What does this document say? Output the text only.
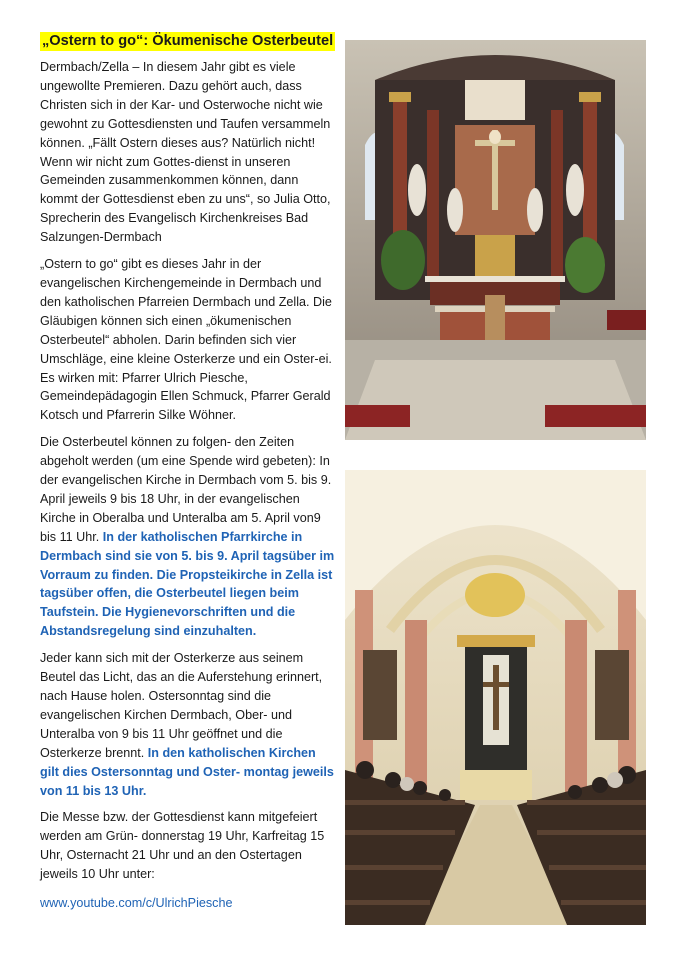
„Ostern to go“: Ökumenische Osterbeutel

Dermbach/Zella – In diesem Jahr gibt es viele ungewollte Premieren. Dazu gehört auch, dass Christen sich in der Kar- und Osterwoche nicht wie gewohnt zu Gottesdiensten und Taufen versammeln können. „Fällt Ostern dieses aus? Natürlich nicht! Wenn wir nicht zum Gottes-dienst in unseren Gemeinden zusammenkommen können, dann kommt der Gottesdienst eben zu uns“, so Julia Otto, Sprecherin des Evangelisch Kirchenkreises Bad Salzungen-Dermbach

„Ostern to go“ gibt es dieses Jahr in der evangelischen Kirchengemeinde in Dermbach und den katholischen Pfarreien Dermbach und Zella. Die Gläubigen können sich einen „ökumenischen Osterbeutel“ abholen. Darin befinden sich vier Umschläge, eine kleine Osterkerze und ein Oster-ei. Es wirken mit: Pfarrer Ulrich Piesche, Gemeindepädagogin Ellen Schmuck, Pfarrer Gerald Kotsch und Pfarrerin Silke Wöhner.

Die Osterbeutel können zu folgen- den Zeiten abgeholt werden (um eine Spende wird gebeten): In der evangelischen Kirche in Dermbach vom 5. bis 9. April jeweils 9 bis 18 Uhr, in der evangelischen Kirche in Oberalba und Unteralba am 5. April von9 bis 11 Uhr. In der katholischen Pfarrkirche in Dermbach sind sie von 5. bis 9. April tagsüber im Vorraum zu finden. Die Propsteikirche in Zella ist tagsüber offen, die Osterbeutel liegen beim Taufstein. Die Hygienevorschriften und die Abstandsregelung sind einzuhalten.

Jeder kann sich mit der Osterkerze aus seinem Beutel das Licht, das an die Auferstehung erinnert, nach Hause holen. Ostersonntag sind die evangelischen Kirchen Dermbach, Ober- und Unteralba von 9 bis 11 Uhr geöffnet und die Osterkerze brennt. In den katholischen Kirchen gilt dies Ostersonntag und Oster- montag jeweils von 11 bis 13 Uhr.

Die Messe bzw. der Gottesdienst kann mitgefeiert werden am Grün- donnerstag 19 Uhr, Karfreitag 15 Uhr, Osternacht 21 Uhr und an den Ostertagen jeweils 10 Uhr unter:

www.youtube.com/c/UlrichPiesche
